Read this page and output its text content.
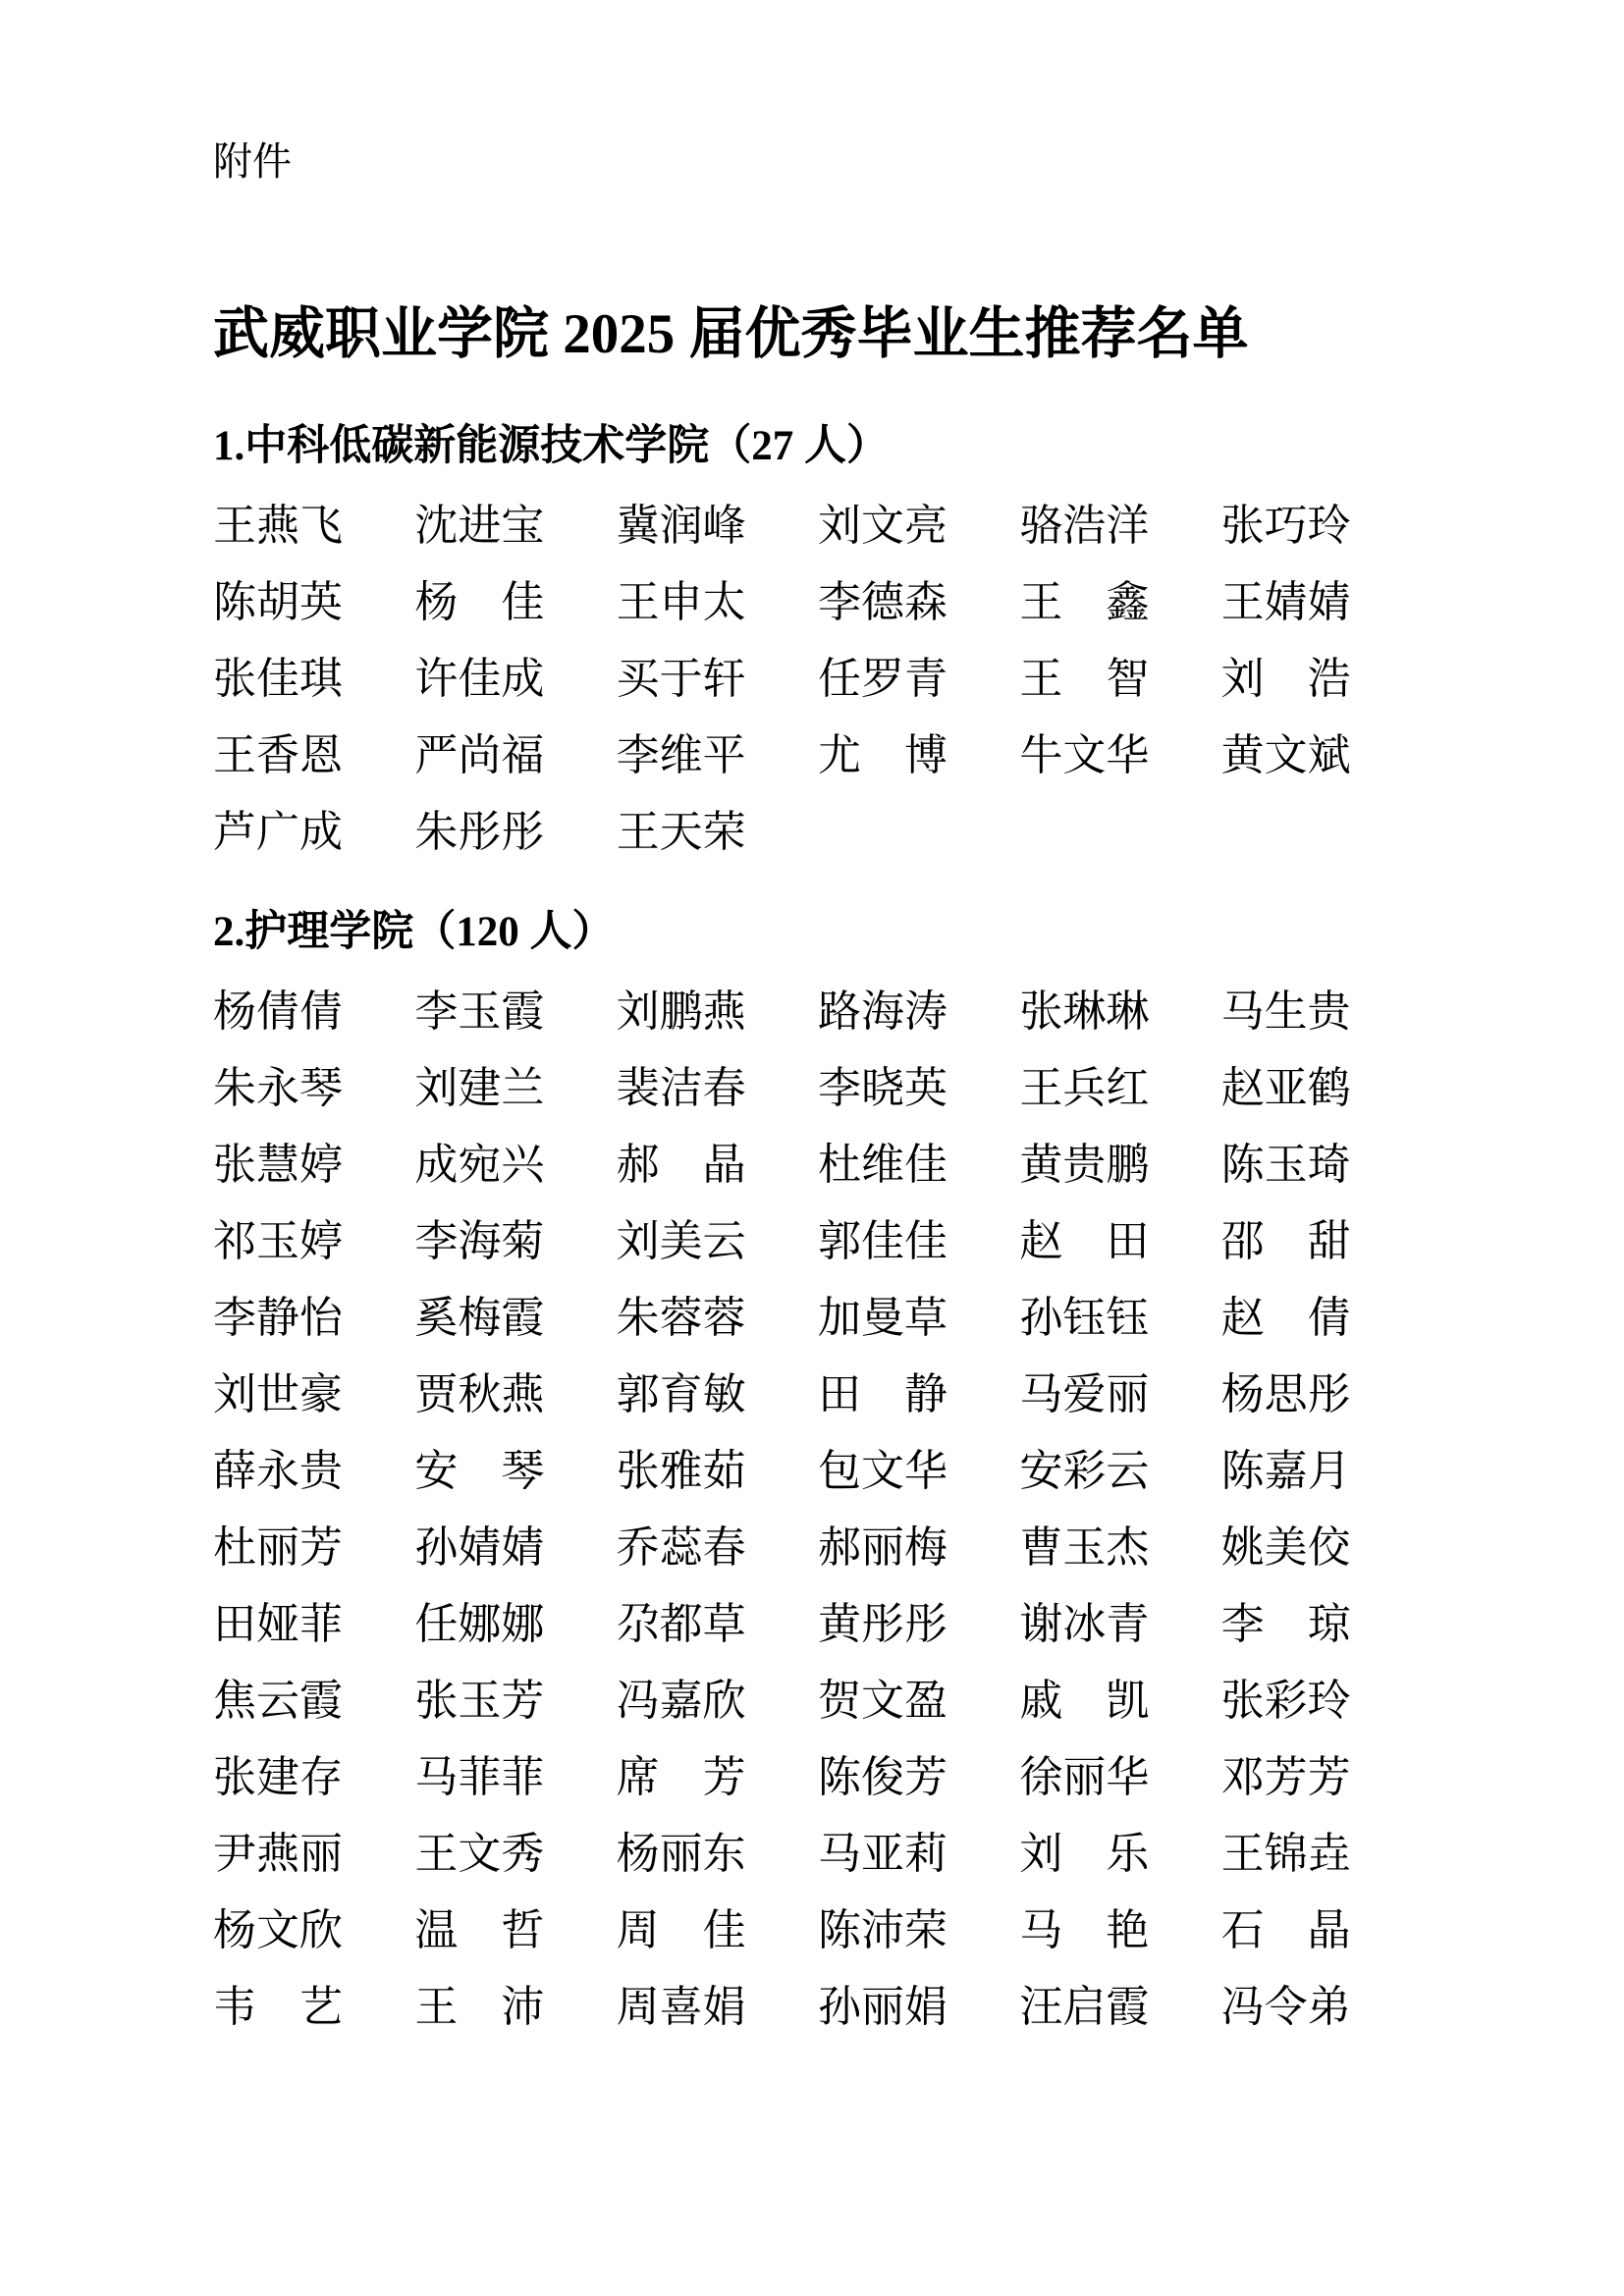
附件
武威职业学院 2025 届优秀毕业生推荐名单
1.中科低碳新能源技术学院（27 人）
王燕飞	沈进宝	冀润峰	刘文亮	骆浩洋	张巧玲
陈胡英	杨　佳	王申太	李德森	王　鑫	王婧婧
张佳琪	许佳成	买于轩	任罗青	王　智	刘　浩
王香恩	严尚福	李维平	尤　博	牛文华	黄文斌
芦广成	朱彤彤	王天荣
2.护理学院（120 人）
杨倩倩	李玉霞	刘鹏燕	路海涛	张琳琳	马生贵
朱永琴	刘建兰	裴洁春	李晓英	王兵红	赵亚鹤
张慧婷	成宛兴	郝　晶	杜维佳	黄贵鹏	陈玉琦
祁玉婷	李海菊	刘美云	郭佳佳	赵　田	邵　甜
李静怡	奚梅霞	朱蓉蓉	加曼草	孙钰钰	赵　倩
刘世豪	贾秋燕	郭育敏	田　静	马爱丽	杨思彤
薛永贵	安　琴	张雅茹	包文华	安彩云	陈嘉月
杜丽芳	孙婧婧	乔蕊春	郝丽梅	曹玉杰	姚美佼
田娅菲	任娜娜	尕都草	黄彤彤	谢冰青	李　琼
焦云霞	张玉芳	冯嘉欣	贺文盈	戚　凯	张彩玲
张建存	马菲菲	席　芳	陈俊芳	徐丽华	邓芳芳
尹燕丽	王文秀	杨丽东	马亚莉	刘　乐	王锦垚
杨文欣	温　哲	周　佳	陈沛荣	马　艳	石　晶
韦　艺	王　沛	周喜娟	孙丽娟	汪启霞	冯令弟
